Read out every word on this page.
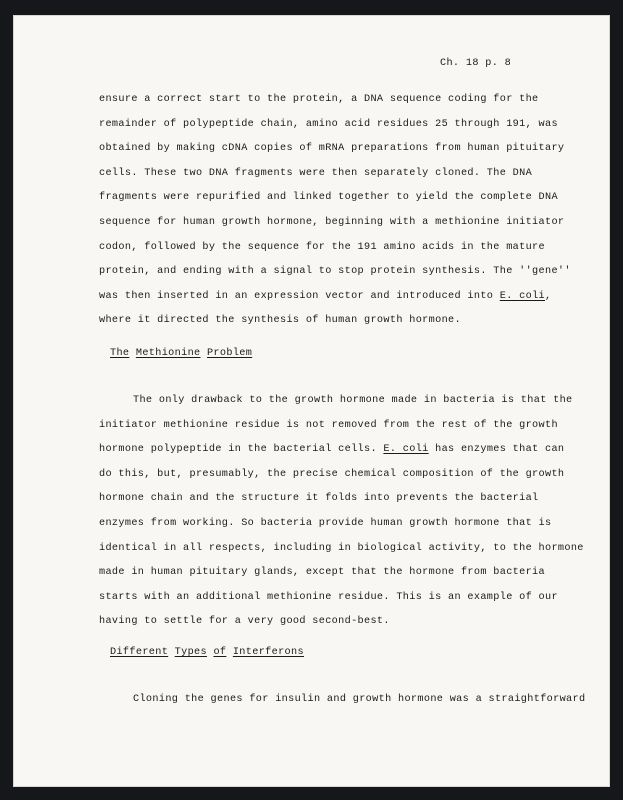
Ch. 18 p. 8
ensure a correct start to the protein, a DNA sequence coding for the
remainder of polypeptide chain, amino acid residues 25 through 191, was
obtained by making cDNA copies of mRNA preparations from human pituitary
cells. These two DNA fragments were then separately cloned. The DNA
fragments were repurified and linked together to yield the complete DNA
sequence for human growth hormone, beginning with a methionine initiator
codon, followed by the sequence for the 191 amino acids in the mature
protein, and ending with a signal to stop protein synthesis. The ''gene''
was then inserted in an expression vector and introduced into E. coli,
where it directed the synthesis of human growth hormone.
The Methionine Problem
The only drawback to the growth hormone made in bacteria is that the
initiator methionine residue is not removed from the rest of the growth
hormone polypeptide in the bacterial cells. E. coli has enzymes that can
do this, but, presumably, the precise chemical composition of the growth
hormone chain and the structure it folds into prevents the bacterial
enzymes from working. So bacteria provide human growth hormone that is
identical in all respects, including in biological activity, to the hormone
made in human pituitary glands, except that the hormone from bacteria
starts with an additional methionine residue. This is an example of our
having to settle for a very good second-best.
Different Types of Interferons
Cloning the genes for insulin and growth hormone was a straightforward
